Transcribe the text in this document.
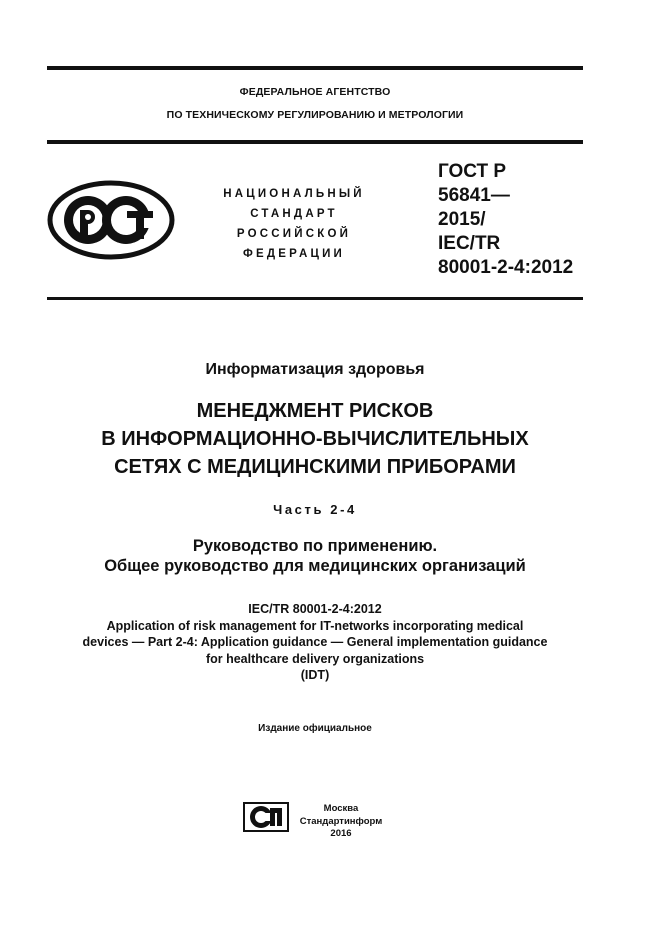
ФЕДЕРАЛЬНОЕ АГЕНТСТВО
ПО ТЕХНИЧЕСКОМУ РЕГУЛИРОВАНИЮ И МЕТРОЛОГИИ
НАЦИОНАЛЬНЫЙ
СТАНДАРТ
РОССИЙСКОЙ
ФЕДЕРАЦИИ
ГОСТ Р
56841—
2015/
IEC/TR
80001-2-4:2012
Информатизация здоровья
МЕНЕДЖМЕНТ РИСКОВ
В ИНФОРМАЦИОННО-ВЫЧИСЛИТЕЛЬНЫХ
СЕТЯХ С МЕДИЦИНСКИМИ ПРИБОРАМИ
Часть 2-4
Руководство по применению.
Общее руководство для медицинских организаций
IEC/TR 80001-2-4:2012
Application of risk management for IT-networks incorporating medical
devices — Part 2-4: Application guidance — General implementation guidance
for healthcare delivery organizations
(IDT)
Издание официальное
Москва
Стандартинформ
2016
